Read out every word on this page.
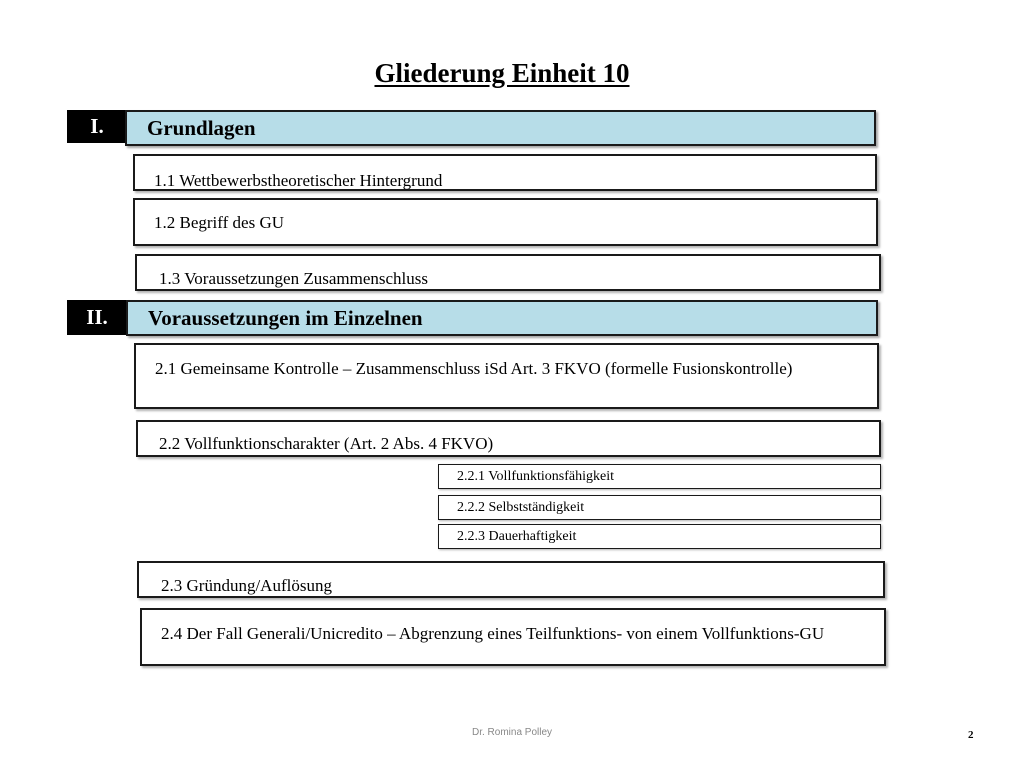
Gliederung Einheit 10
I.	Grundlagen
1.1 Wettbewerbstheoretischer Hintergrund
1.2 Begriff des GU
1.3 Voraussetzungen Zusammenschluss
II.	Voraussetzungen im Einzelnen
2.1 Gemeinsame Kontrolle – Zusammenschluss iSd Art. 3 FKVO (formelle Fusionskontrolle)
2.2 Vollfunktionscharakter (Art. 2 Abs. 4 FKVO)
2.2.1 Vollfunktionsfähigkeit
2.2.2 Selbstständigkeit
2.2.3 Dauerhaftigkeit
2.3 Gründung/Auflösung
2.4 Der Fall Generali/Unicredito – Abgrenzung eines Teilfunktions- von einem Vollfunktions-GU
Dr. Romina Polley	2
